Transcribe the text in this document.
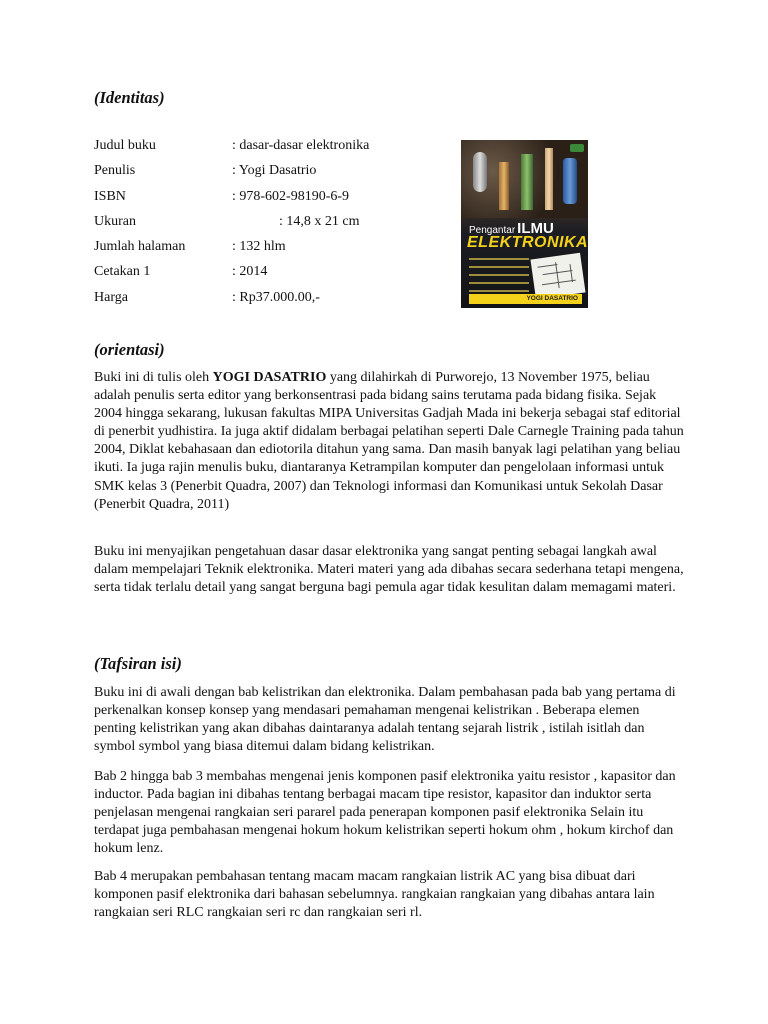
(Identitas)
Judul buku	: dasar-dasar elektronika
Penulis	: Yogi Dasatrio
ISBN	: 978-602-98190-6-9
Ukuran	: 14,8 x 21 cm
Jumlah halaman	: 132 hlm
Cetakan 1	: 2014
Harga	: Rp37.000.00,-
Pengantar ILMU
ELEKTRONIKA
YOGI DASATRIO
(orientasi)

Buki ini di tulis oleh YOGI DASATRIO yang dilahirkah di Purworejo, 13 November 1975, beliau adalah penulis serta editor yang berkonsentrasi pada bidang sains terutama pada bidang fisika. Sejak 2004 hingga sekarang, lukusan fakultas MIPA Universitas Gadjah Mada ini bekerja sebagai staf editorial di penerbit yudhistira. Ia juga aktif didalam berbagai pelatihan seperti Dale Carnegle Training pada tahun 2004, Diklat kebahasaan dan ediotorila ditahun yang sama. Dan masih banyak lagi pelatihan yang beliau ikuti. Ia juga rajin menulis buku, diantaranya Ketrampilan komputer dan pengelolaan informasi untuk SMK kelas 3 (Penerbit Quadra, 2007) dan Teknologi informasi dan Komunikasi untuk Sekolah Dasar (Penerbit Quadra, 2011)

Buku ini menyajikan pengetahuan dasar dasar elektronika yang sangat penting sebagai langkah awal dalam mempelajari Teknik elektronika. Materi materi yang ada dibahas secara sederhana tetapi mengena, serta tidak terlalu detail yang sangat berguna bagi pemula agar tidak kesulitan dalam memagami materi.

(Tafsiran isi)

Buku ini di awali dengan bab kelistrikan dan elektronika. Dalam pembahasan pada bab yang pertama di perkenalkan konsep konsep yang mendasari pemahaman mengenai kelistrikan . Beberapa elemen penting kelistrikan yang akan dibahas daintaranya adalah tentang sejarah listrik , istilah isitlah dan symbol symbol yang biasa ditemui dalam bidang kelistrikan.

Bab 2 hingga bab 3 membahas mengenai jenis komponen pasif elektronika yaitu resistor , kapasitor dan inductor. Pada bagian ini dibahas tentang berbagai macam tipe resistor, kapasitor dan induktor serta penjelasan mengenai rangkaian seri pararel pada penerapan komponen pasif elektronika Selain itu terdapat juga pembahasan mengenai hokum hokum kelistrikan seperti hokum ohm , hokum kirchof dan hokum lenz.

Bab 4 merupakan pembahasan tentang macam macam rangkaian listrik AC yang bisa dibuat dari komponen pasif elektronika dari bahasan sebelumnya. rangkaian rangkaian yang dibahas antara lain rangkaian seri RLC rangkaian seri rc dan rangkaian seri rl.
